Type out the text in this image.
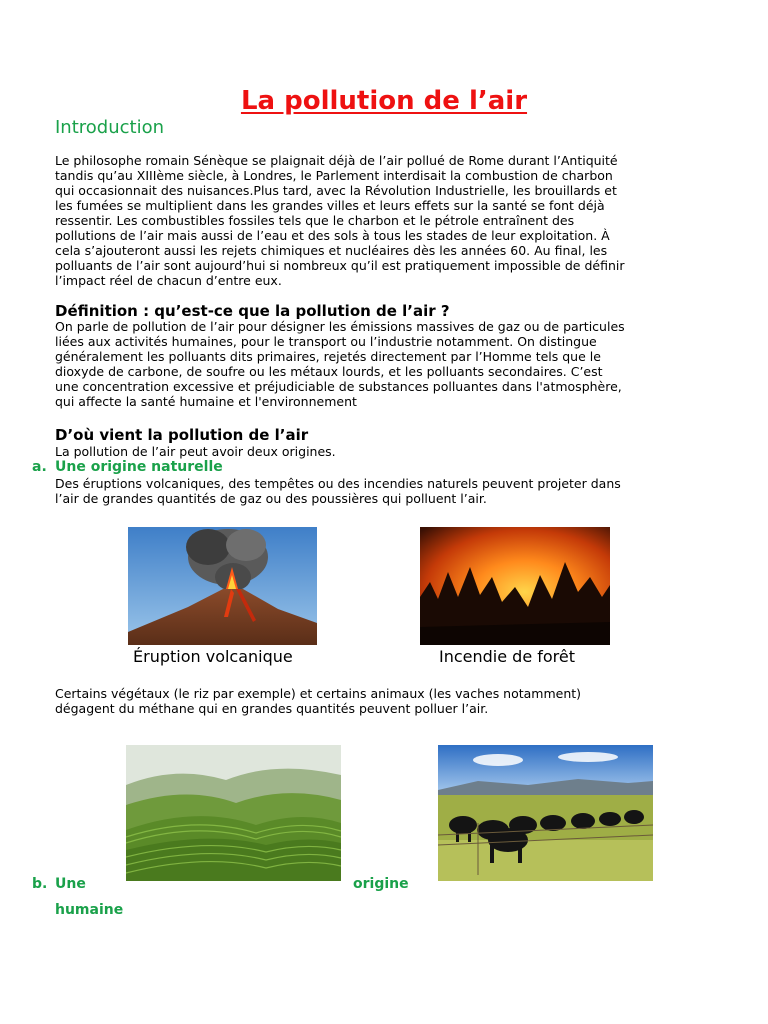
La pollution de l’air
Introduction
Le philosophe romain Sénèque se plaignait déjà de l’air pollué de Rome durant l’Antiquité
tandis qu’au XIIIème siècle, à Londres, le Parlement interdisait la combustion de charbon
qui occasionnait des nuisances.Plus tard, avec la Révolution Industrielle, les brouillards et
les fumées se multiplient dans les grandes villes et leurs effets sur la santé se font déjà
ressentir. Les combustibles fossiles tels que le charbon et le pétrole entraînent des
pollutions de l’air mais aussi de l’eau et des sols à tous les stades de leur exploitation. À
cela s’ajouteront aussi les rejets chimiques et nucléaires dès les années 60. Au final, les
polluants de l’air sont aujourd’hui si nombreux qu’il est pratiquement impossible de définir
l’impact réel de chacun d’entre eux.
Définition : qu’est-ce que la pollution de l’air ?
On parle de pollution de l’air pour désigner les émissions massives de gaz ou de particules
liées aux activités humaines, pour le transport ou l’industrie notamment. On distingue
généralement les polluants dits primaires, rejetés directement par l’Homme tels que le
dioxyde de carbone, de soufre ou les métaux lourds, et les polluants secondaires. C’est
une concentration excessive et préjudiciable de substances polluantes dans l'atmosphère,
qui affecte la santé humaine et l'environnement
D’où vient la pollution de l’air
La pollution de l’air peut avoir deux origines.
a. Une origine naturelle
Des éruptions volcaniques, des tempêtes ou des incendies naturels peuvent projeter dans
l’air de grandes quantités de gaz ou des poussières qui polluent l’air.
Éruption volcanique	Incendie de forêt
Certains végétaux (le riz par exemple) et certains animaux (les vaches notamment)
dégagent du méthane qui en grandes quantités peuvent polluer l’air.
b. Une	origine
humaine
